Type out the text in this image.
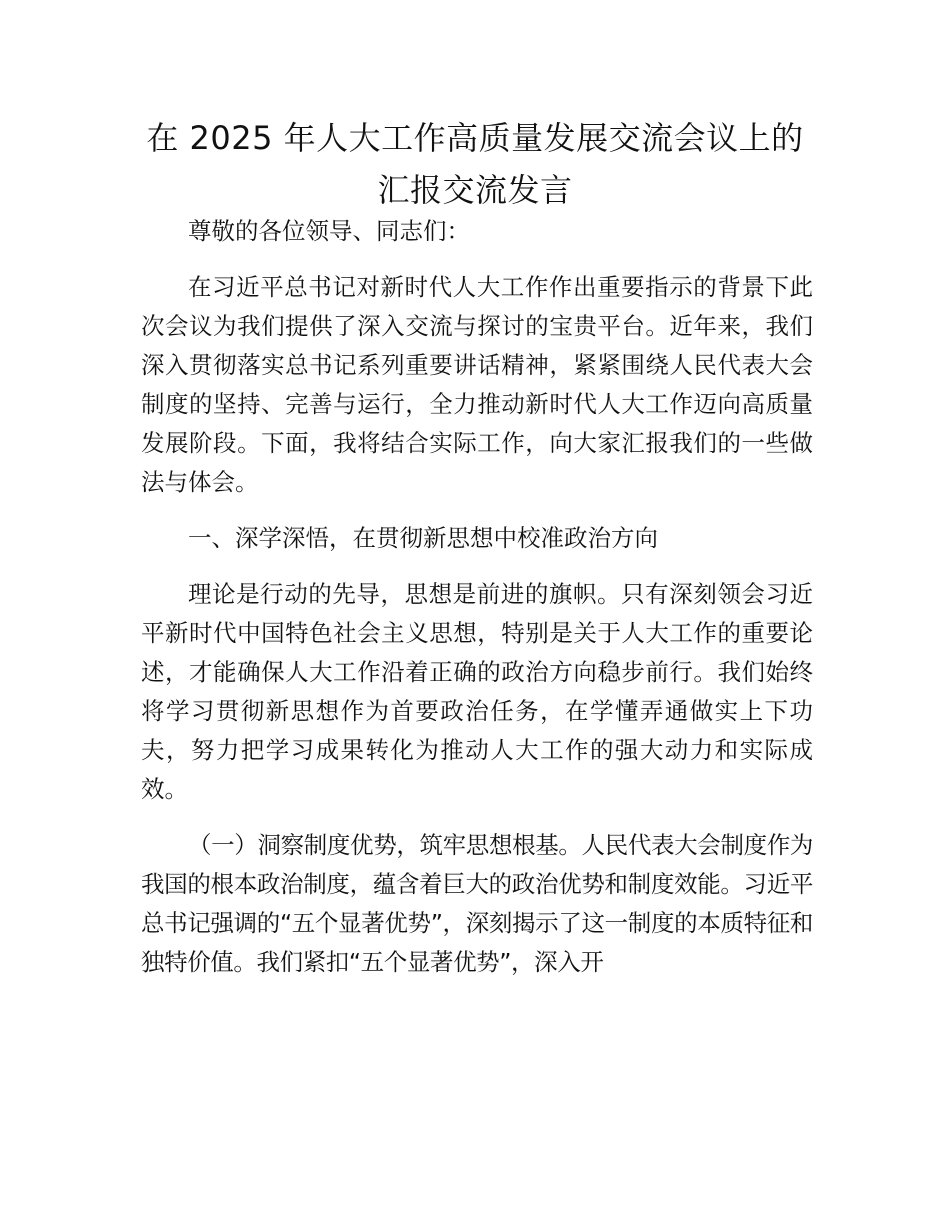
在 2025 年人大工作高质量发展交流会议上的
汇报交流发言

尊敬的各位领导、同志们：

在习近平总书记对新时代人大工作作出重要指示的背景下此次会议为我们提供了深入交流与探讨的宝贵平台。近年来，我们深入贯彻落实总书记系列重要讲话精神，紧紧围绕人民代表大会制度的坚持、完善与运行，全力推动新时代人大工作迈向高质量发展阶段。下面，我将结合实际工作，向大家汇报我们的一些做法与体会。

一、深学深悟，在贯彻新思想中校准政治方向

理论是行动的先导，思想是前进的旗帜。只有深刻领会习近平新时代中国特色社会主义思想，特别是关于人大工作的重要论述，才能确保人大工作沿着正确的政治方向稳步前行。我们始终将学习贯彻新思想作为首要政治任务，在学懂弄通做实上下功夫，努力把学习成果转化为推动人大工作的强大动力和实际成效。

（一）洞察制度优势，筑牢思想根基。人民代表大会制度作为我国的根本政治制度，蕴含着巨大的政治优势和制度效能。习近平总书记强调的“五个显著优势”，深刻揭示了这一制度的本质特征和独特价值。我们紧扣“五个显著优势”，深入开
